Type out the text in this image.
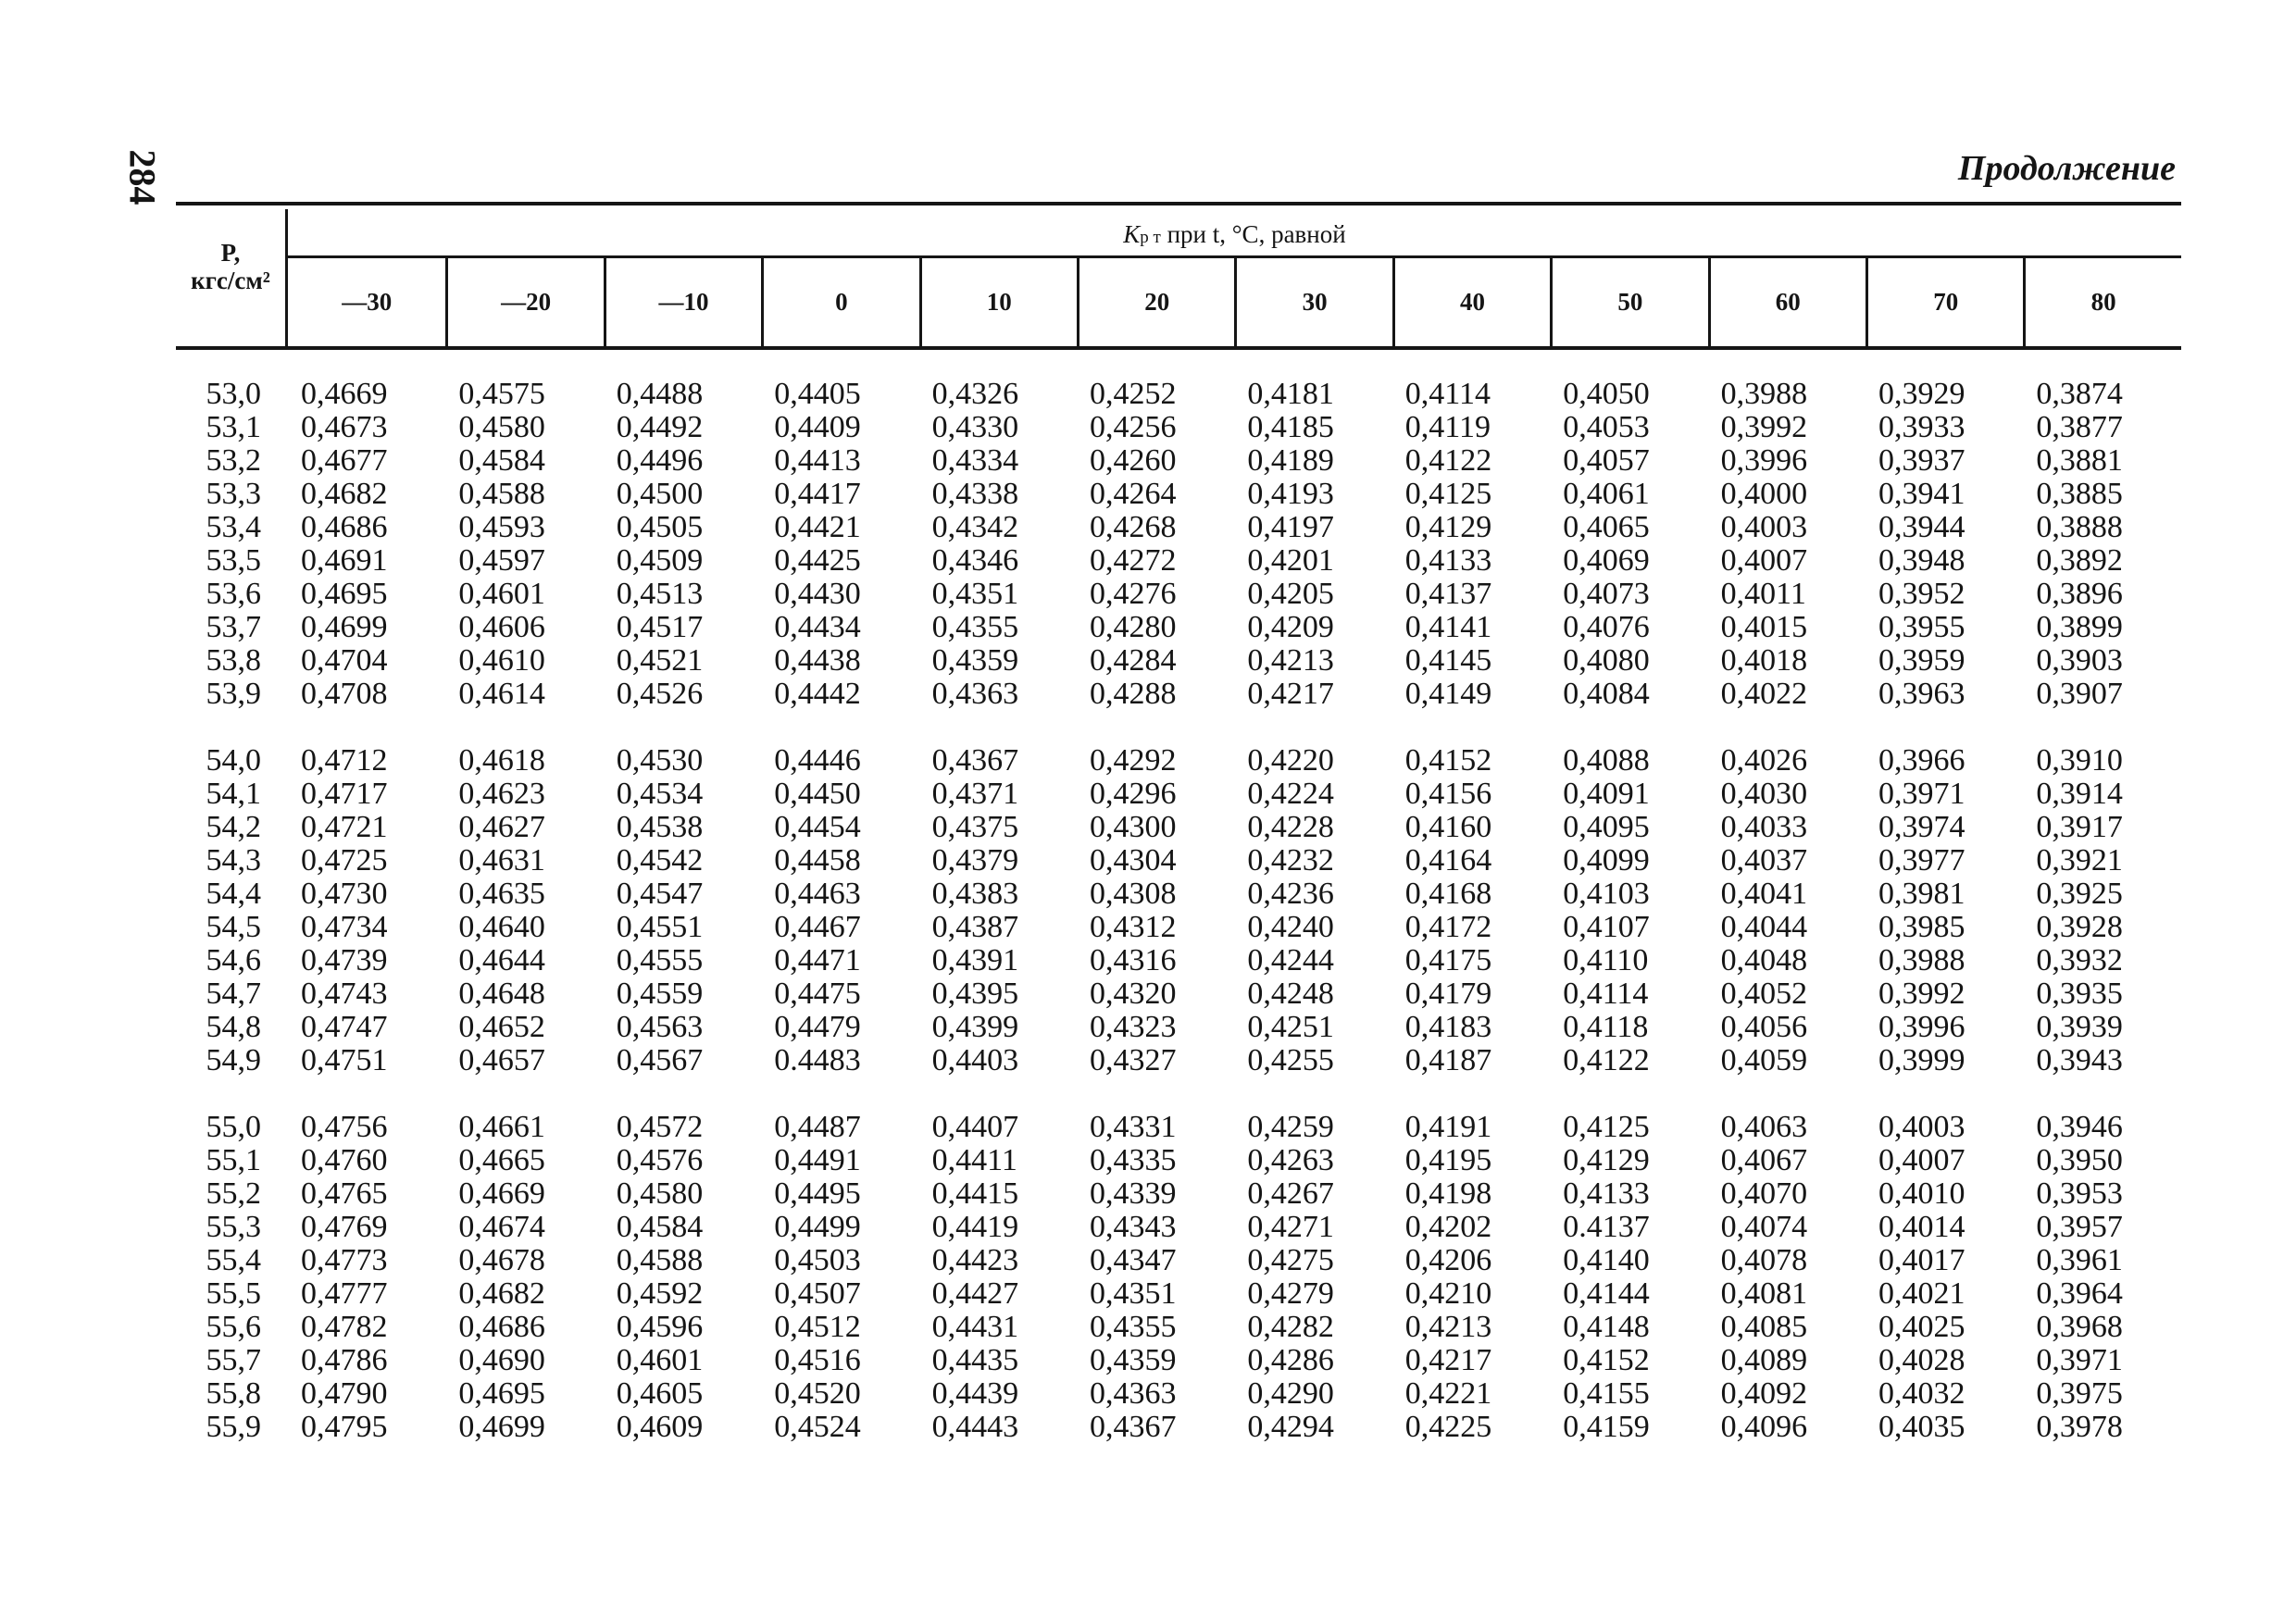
284	Продолжение
P,
кгс/см²
Kр т при t, °C, равной
—30	—20	—10	0	10	20	30	40	50	60	70	80
53,0 0,4669 0,4575 0,4488 0,4405 0,4326 0,4252 0,4181 0,4114 0,4050 0,3988 0,3929 0,3874
53,1 0,4673 0,4580 0,4492 0,4409 0,4330 0,4256 0,4185 0,4119 0,4053 0,3992 0,3933 0,3877
53,2 0,4677 0,4584 0,4496 0,4413 0,4334 0,4260 0,4189 0,4122 0,4057 0,3996 0,3937 0,3881
53,3 0,4682 0,4588 0,4500 0,4417 0,4338 0,4264 0,4193 0,4125 0,4061 0,4000 0,3941 0,3885
53,4 0,4686 0,4593 0,4505 0,4421 0,4342 0,4268 0,4197 0,4129 0,4065 0,4003 0,3944 0,3888
53,5 0,4691 0,4597 0,4509 0,4425 0,4346 0,4272 0,4201 0,4133 0,4069 0,4007 0,3948 0,3892
53,6 0,4695 0,4601 0,4513 0,4430 0,4351 0,4276 0,4205 0,4137 0,4073 0,4011 0,3952 0,3896
53,7 0,4699 0,4606 0,4517 0,4434 0,4355 0,4280 0,4209 0,4141 0,4076 0,4015 0,3955 0,3899
53,8 0,4704 0,4610 0,4521 0,4438 0,4359 0,4284 0,4213 0,4145 0,4080 0,4018 0,3959 0,3903
53,9 0,4708 0,4614 0,4526 0,4442 0,4363 0,4288 0,4217 0,4149 0,4084 0,4022 0,3963 0,3907
54,0 0,4712 0,4618 0,4530 0,4446 0,4367 0,4292 0,4220 0,4152 0,4088 0,4026 0,3966 0,3910
54,1 0,4717 0,4623 0,4534 0,4450 0,4371 0,4296 0,4224 0,4156 0,4091 0,4030 0,3971 0,3914
54,2 0,4721 0,4627 0,4538 0,4454 0,4375 0,4300 0,4228 0,4160 0,4095 0,4033 0,3974 0,3917
54,3 0,4725 0,4631 0,4542 0,4458 0,4379 0,4304 0,4232 0,4164 0,4099 0,4037 0,3977 0,3921
54,4 0,4730 0,4635 0,4547 0,4463 0,4383 0,4308 0,4236 0,4168 0,4103 0,4041 0,3981 0,3925
54,5 0,4734 0,4640 0,4551 0,4467 0,4387 0,4312 0,4240 0,4172 0,4107 0,4044 0,3985 0,3928
54,6 0,4739 0,4644 0,4555 0,4471 0,4391 0,4316 0,4244 0,4175 0,4110 0,4048 0,3988 0,3932
54,7 0,4743 0,4648 0,4559 0,4475 0,4395 0,4320 0,4248 0,4179 0,4114 0,4052 0,3992 0,3935
54,8 0,4747 0,4652 0,4563 0,4479 0,4399 0,4323 0,4251 0,4183 0,4118 0,4056 0,3996 0,3939
54,9 0,4751 0,4657 0,4567 0.4483 0,4403 0,4327 0,4255 0,4187 0,4122 0,4059 0,3999 0,3943
55,0 0,4756 0,4661 0,4572 0,4487 0,4407 0,4331 0,4259 0,4191 0,4125 0,4063 0,4003 0,3946
55,1 0,4760 0,4665 0,4576 0,4491 0,4411 0,4335 0,4263 0,4195 0,4129 0,4067 0,4007 0,3950
55,2 0,4765 0,4669 0,4580 0,4495 0,4415 0,4339 0,4267 0,4198 0,4133 0,4070 0,4010 0,3953
55,3 0,4769 0,4674 0,4584 0,4499 0,4419 0,4343 0,4271 0,4202 0.4137 0,4074 0,4014 0,3957
55,4 0,4773 0,4678 0,4588 0,4503 0,4423 0,4347 0,4275 0,4206 0,4140 0,4078 0,4017 0,3961
55,5 0,4777 0,4682 0,4592 0,4507 0,4427 0,4351 0,4279 0,4210 0,4144 0,4081 0,4021 0,3964
55,6 0,4782 0,4686 0,4596 0,4512 0,4431 0,4355 0,4282 0,4213 0,4148 0,4085 0,4025 0,3968
55,7 0,4786 0,4690 0,4601 0,4516 0,4435 0,4359 0,4286 0,4217 0,4152 0,4089 0,4028 0,3971
55,8 0,4790 0,4695 0,4605 0,4520 0,4439 0,4363 0,4290 0,4221 0,4155 0,4092 0,4032 0,3975
55,9 0,4795 0,4699 0,4609 0,4524 0,4443 0,4367 0,4294 0,4225 0,4159 0,4096 0,4035 0,3978
